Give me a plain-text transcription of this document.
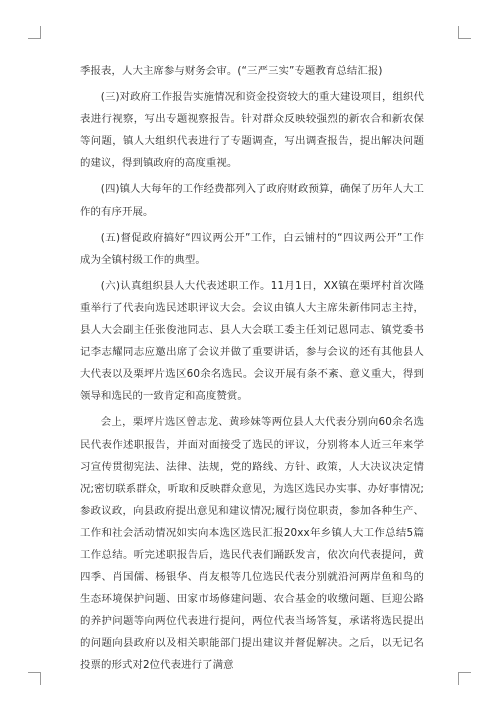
季报表，人大主席参与财务会审。(“三严三实”专题教育总结汇报)

(三)对政府工作报告实施情况和资金投资较大的重大建设项目，组织代表进行视察，写出专题视察报告。针对群众反映较强烈的新农合和新农保等问题，镇人大组织代表进行了专题调查，写出调查报告，提出解决问题的建议，得到镇政府的高度重视。

(四)镇人大每年的工作经费都列入了政府财政预算，确保了历年人大工作的有序开展。

(五)督促政府搞好“四议两公开”工作，白云铺村的“四议两公开”工作成为全镇村级工作的典型。

(六)认真组织县人大代表述职工作。11月1日，XX镇在栗坪村首次隆重举行了代表向选民述职评议大会。会议由镇人大主席朱新伟同志主持，县人大会副主任张俊池同志、县人大会联工委主任刘记恩同志、镇党委书记李志耀同志应邀出席了会议并做了重要讲话，参与会议的还有其他县人大代表以及栗坪片选区60余名选民。会议开展有条不紊、意义重大，得到领导和选民的一致肯定和高度赞赏。

会上，栗坪片选区曾志龙、黄珍妹等两位县人大代表分别向60余名选民代表作述职报告，并面对面接受了选民的评议，分别将本人近三年来学习宣传贯彻宪法、法律、法规，党的路线、方针、政策，人大决议决定情况;密切联系群众，听取和反映群众意见，为选区选民办实事、办好事情况;参政议政，向县政府提出意见和建议情况;履行岗位职责，参加各种生产、工作和社会活动情况如实向本选区选民汇报20xx年乡镇人大工作总结5篇工作总结。听完述职报告后，选民代表们踊跃发言，依次向代表提问，黄四季、肖国儒、杨银华、肖友根等几位选民代表分别就沿河两岸鱼和鸟的生态环境保护问题、田家市场修建问题、农合基金的收缴问题、巨迎公路的养护问题等向两位代表进行提问，两位代表当场答复，承诺将选民提出的问题向县政府以及相关职能部门提出建议并督促解决。之后，以无记名投票的形式对2位代表进行了满意
